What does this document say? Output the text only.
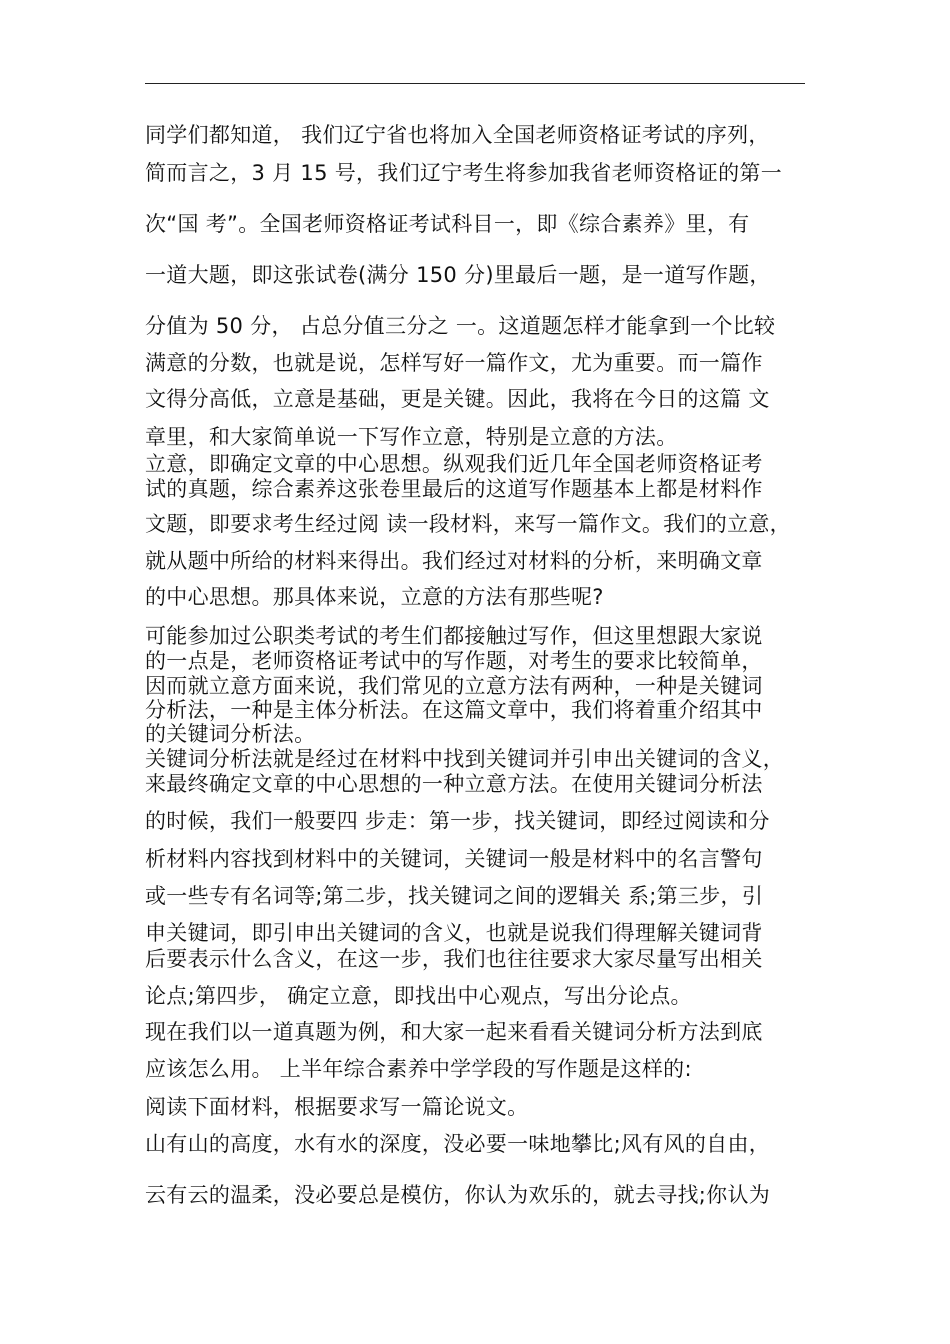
同学们都知道， 我们辽宁省也将加入全国老师资格证考试的序列，
简而言之，3 月 15 号，我们辽宁考生将参加我省老师资格证的第一
次“国 考”。全国老师资格证考试科目一，即《综合素养》里，有
一道大题，即这张试卷(满分 150 分)里最后一题，是一道写作题，
分值为 50 分， 占总分值三分之 一。这道题怎样才能拿到一个比较
满意的分数，也就是说，怎样写好一篇作文，尤为重要。而一篇作
文得分高低，立意是基础，更是关键。因此，我将在今日的这篇 文
章里，和大家简单说一下写作立意，特别是立意的方法。
立意，即确定文章的中心思想。纵观我们近几年全国老师资格证考
试的真题，综合素养这张卷里最后的这道写作题基本上都是材料作
文题，即要求考生经过阅 读一段材料，来写一篇作文。我们的立意，
就从题中所给的材料来得出。我们经过对材料的分析，来明确文章
的中心思想。那具体来说，立意的方法有那些呢?
可能参加过公职类考试的考生们都接触过写作，但这里想跟大家说
的一点是，老师资格证考试中的写作题，对考生的要求比较简单，
因而就立意方面来说，我们常见的立意方法有两种，一种是关键词
分析法，一种是主体分析法。在这篇文章中，我们将着重介绍其中
的关键词分析法。
关键词分析法就是经过在材料中找到关键词并引申出关键词的含义，
来最终确定文章的中心思想的一种立意方法。在使用关键词分析法
的时候，我们一般要四 步走：第一步，找关键词，即经过阅读和分
析材料内容找到材料中的关键词，关键词一般是材料中的名言警句
或一些专有名词等;第二步，找关键词之间的逻辑关 系;第三步，引
申关键词，即引申出关键词的含义，也就是说我们得理解关键词背
后要表示什么含义，在这一步，我们也往往要求大家尽量写出相关
论点;第四步， 确定立意，即找出中心观点，写出分论点。
现在我们以一道真题为例，和大家一起来看看关键词分析方法到底
应该怎么用。 上半年综合素养中学学段的写作题是这样的:
阅读下面材料，根据要求写一篇论说文。
山有山的高度，水有水的深度，没必要一味地攀比;风有风的自由，
云有云的温柔，没必要总是模仿，你认为欢乐的，就去寻找;你认为
